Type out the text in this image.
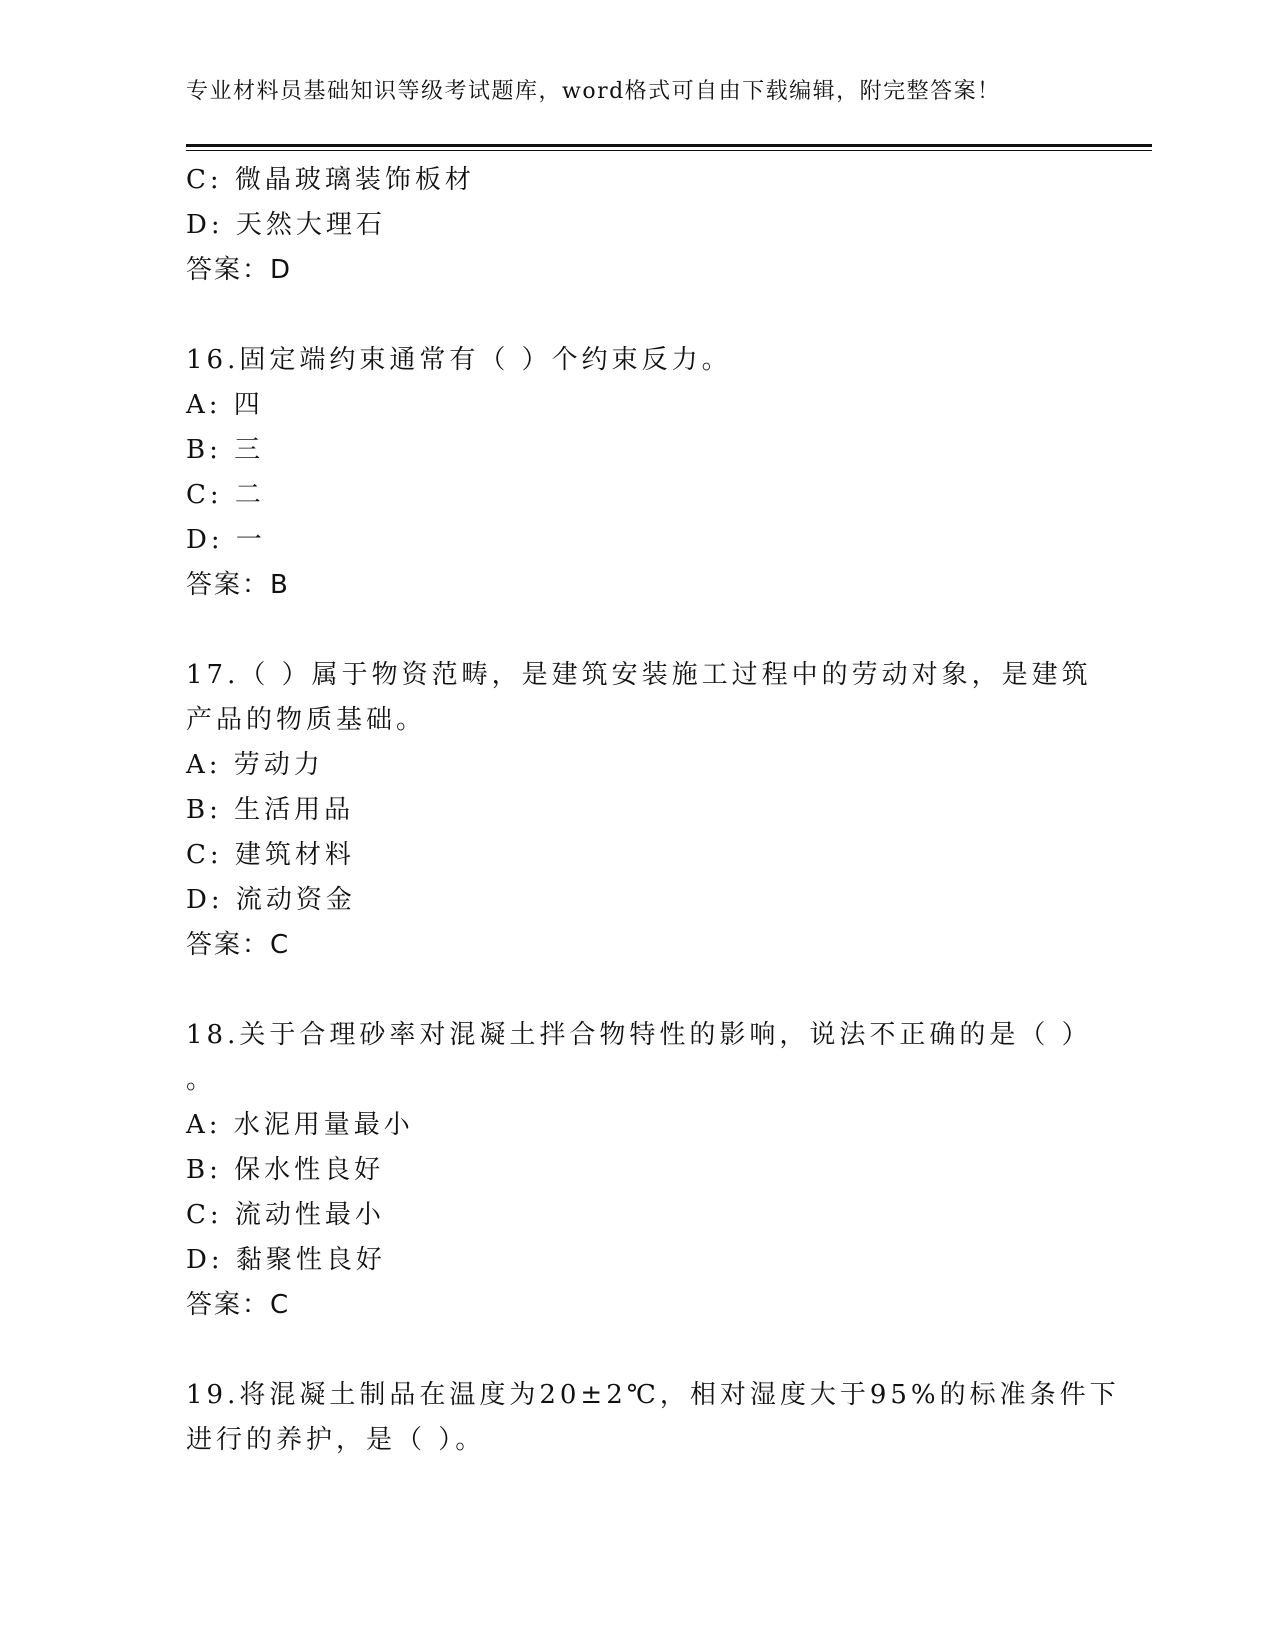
专业材料员基础知识等级考试题库，word格式可自由下载编辑，附完整答案！
C: 微晶玻璃装饰板材
D: 天然大理石
答案：D
16.固定端约束通常有（ ）个约束反力。
A: 四
B: 三
C: 二
D: 一
答案：B
17.（ ）属于物资范畴，是建筑安装施工过程中的劳动对象，是建筑
产品的物质基础。
A: 劳动力
B: 生活用品
C: 建筑材料
D: 流动资金
答案：C
18.关于合理砂率对混凝土拌合物特性的影响，说法不正确的是（ ）
。
A: 水泥用量最小
B: 保水性良好
C: 流动性最小
D: 黏聚性良好
答案：C
19.将混凝土制品在温度为20±2℃，相对湿度大于95%的标准条件下
进行的养护，是（ ）。
